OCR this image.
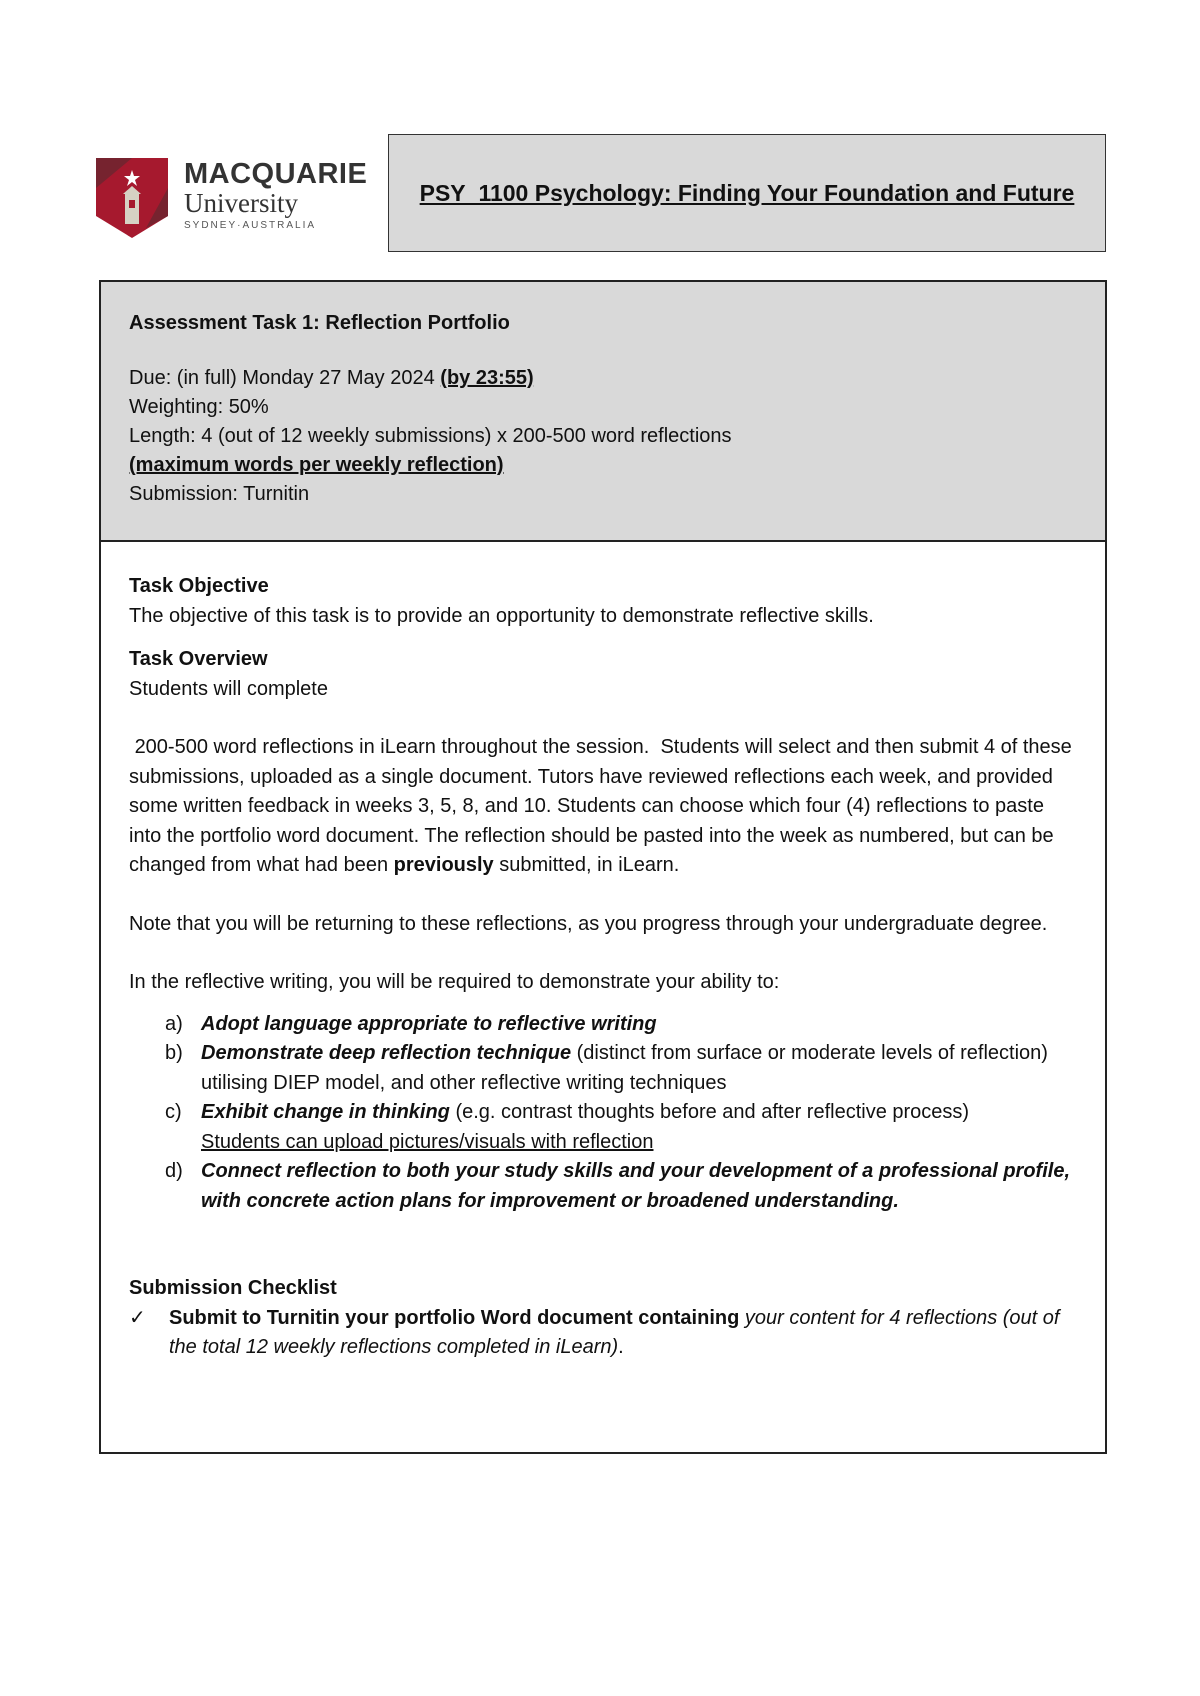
MACQUARIE
University
SYDNEY·AUSTRALIA
PSY_1100 Psychology: Finding Your Foundation and Future
Assessment Task 1: Reflection Portfolio
Due: (in full) Monday 27 May 2024 (by 23:55)
Weighting: 50%
Length: 4 (out of 12 weekly submissions) x 200-500 word reflections
(maximum words per weekly reflection)
Submission: Turnitin
Task Objective

The objective of this task is to provide an opportunity to demonstrate reflective skills.

Task Overview

Students will complete

200-500 word reflections in iLearn throughout the session.  Students will select and then submit 4 of these submissions, uploaded as a single document. Tutors have reviewed reflections each week, and provided some written feedback in weeks 3, 5, 8, and 10. Students can choose which four (4) reflections to paste into the portfolio word document. The reflection should be pasted into the week as numbered, but can be changed from what had been previously submitted, in iLearn.

Note that you will be returning to these reflections, as you progress through your undergraduate degree.

In the reflective writing, you will be required to demonstrate your ability to:

a) Adopt language appropriate to reflective writing
b) Demonstrate deep reflection technique (distinct from surface or moderate levels of reflection) utilising DIEP model, and other reflective writing techniques
c) Exhibit change in thinking (e.g. contrast thoughts before and after reflective process)
Students can upload pictures/visuals with reflection
d) Connect reflection to both your study skills and your development of a professional profile, with concrete action plans for improvement or broadened understanding.
Submission Checklist
✓	Submit to Turnitin your portfolio Word document containing your content for 4 reflections (out of the total 12 weekly reflections completed in iLearn).
